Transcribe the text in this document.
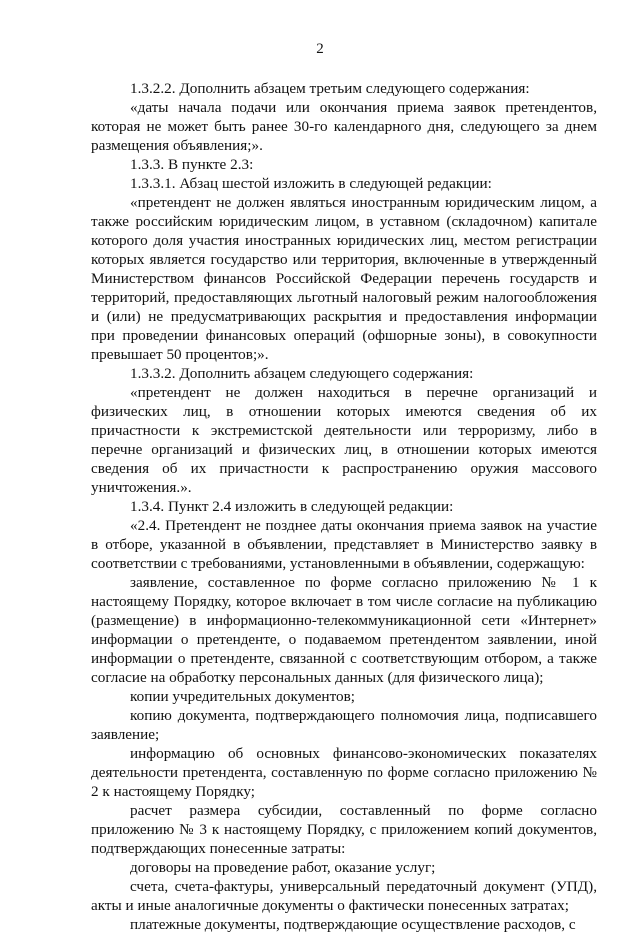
2

1.3.2.2. Дополнить абзацем третьим следующего содержания:

«даты начала подачи или окончания приема заявок претендентов, которая не может быть ранее 30-го календарного дня, следующего за днем размещения объявления;».

1.3.3. В пункте 2.3:

1.3.3.1. Абзац шестой изложить в следующей редакции:

«претендент не должен являться иностранным юридическим лицом, а также российским юридическим лицом, в уставном (складочном) капитале которого доля участия иностранных юридических лиц, местом регистрации которых является государство или территория, включенные в утвержденный Министерством финансов Российской Федерации перечень государств и территорий, предоставляющих льготный налоговый режим налогообложения и (или) не предусматривающих раскрытия и предоставления информации при проведении финансовых операций (офшорные зоны), в совокупности превышает 50 процентов;».

1.3.3.2. Дополнить абзацем следующего содержания:

«претендент не должен находиться в перечне организаций и физических лиц, в отношении которых имеются сведения об их причастности к экстремистской деятельности или терроризму, либо в перечне организаций и физических лиц, в отношении которых имеются сведения об их причастности к распространению оружия массового уничтожения.».

1.3.4. Пункт 2.4 изложить в следующей редакции:

«2.4. Претендент не позднее даты окончания приема заявок на участие в отборе, указанной в объявлении, представляет в Министерство заявку в соответствии с требованиями, установленными в объявлении, содержащую:

заявление, составленное по форме согласно приложению № 1 к настоящему Порядку, которое включает в том числе согласие на публикацию (размещение) в информационно-телекоммуникационной сети «Интернет» информации о претенденте, о подаваемом претендентом заявлении, иной информации о претенденте, связанной с соответствующим отбором, а также согласие на обработку персональных данных (для физического лица);

копии учредительных документов;

копию документа, подтверждающего полномочия лица, подписавшего заявление;

информацию об основных финансово-экономических показателях деятельности претендента, составленную по форме согласно приложению № 2 к настоящему Порядку;

расчет размера субсидии, составленный по форме согласно приложению № 3 к настоящему Порядку, с приложением копий документов, подтверждающих понесенные затраты:

договоры на проведение работ, оказание услуг;

счета, счета-фактуры, универсальный передаточный документ (УПД), акты и иные аналогичные документы о фактически понесенных затратах;

платежные документы, подтверждающие осуществление расходов, с
